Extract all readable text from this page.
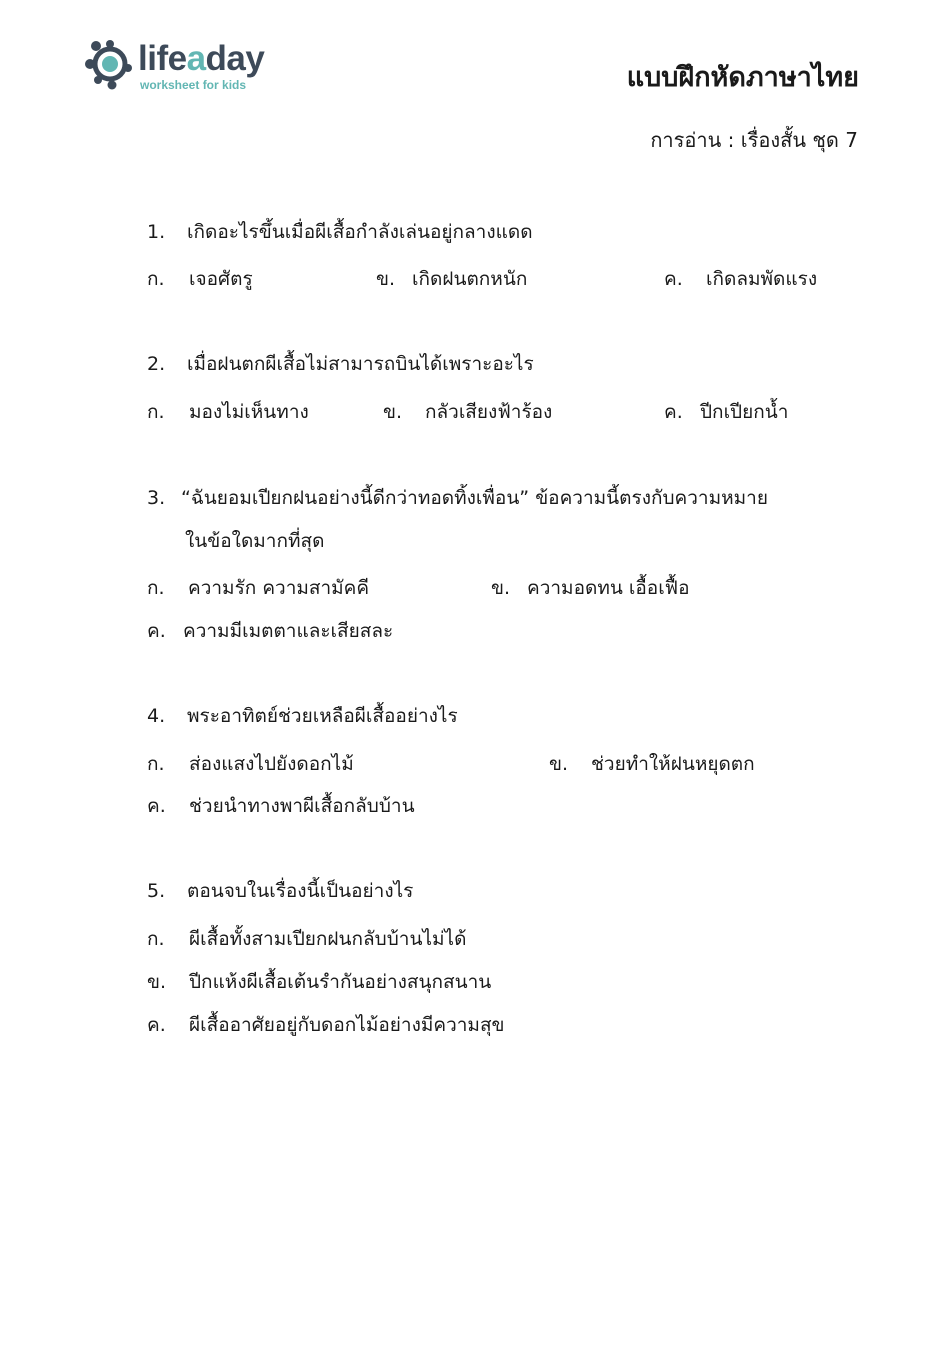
lifeaday
worksheet for kids	แบบฝึกหัดภาษาไทย
การอ่าน : เรื่องสั้น ชุด 7
1. เกิดอะไรขึ้นเมื่อผีเสื้อกำลังเล่นอยู่กลางแดด
ก. เจอศัตรู	ข. เกิดฝนตกหนัก	ค. เกิดลมพัดแรง
2. เมื่อฝนตกผีเสื้อไม่สามารถบินได้เพราะอะไร
ก. มองไม่เห็นทาง	ข. กลัวเสียงฟ้าร้อง	ค. ปีกเปียกน้ำ
3. “ฉันยอมเปียกฝนอย่างนี้ดีกว่าทอดทิ้งเพื่อน” ข้อความนี้ตรงกับความหมาย
ในข้อใดมากที่สุด
ก. ความรัก ความสามัคคี	ข. ความอดทน เอื้อเฟื้อ
ค. ความมีเมตตาและเสียสละ
4. พระอาทิตย์ช่วยเหลือผีเสื้ออย่างไร
ก. ส่องแสงไปยังดอกไม้	ข. ช่วยทำให้ฝนหยุดตก
ค. ช่วยนำทางพาผีเสื้อกลับบ้าน
5. ตอนจบในเรื่องนี้เป็นอย่างไร
ก. ผีเสื้อทั้งสามเปียกฝนกลับบ้านไม่ได้
ข. ปีกแห้งผีเสื้อเต้นรำกันอย่างสนุกสนาน
ค. ผีเสื้ออาศัยอยู่กับดอกไม้อย่างมีความสุข
